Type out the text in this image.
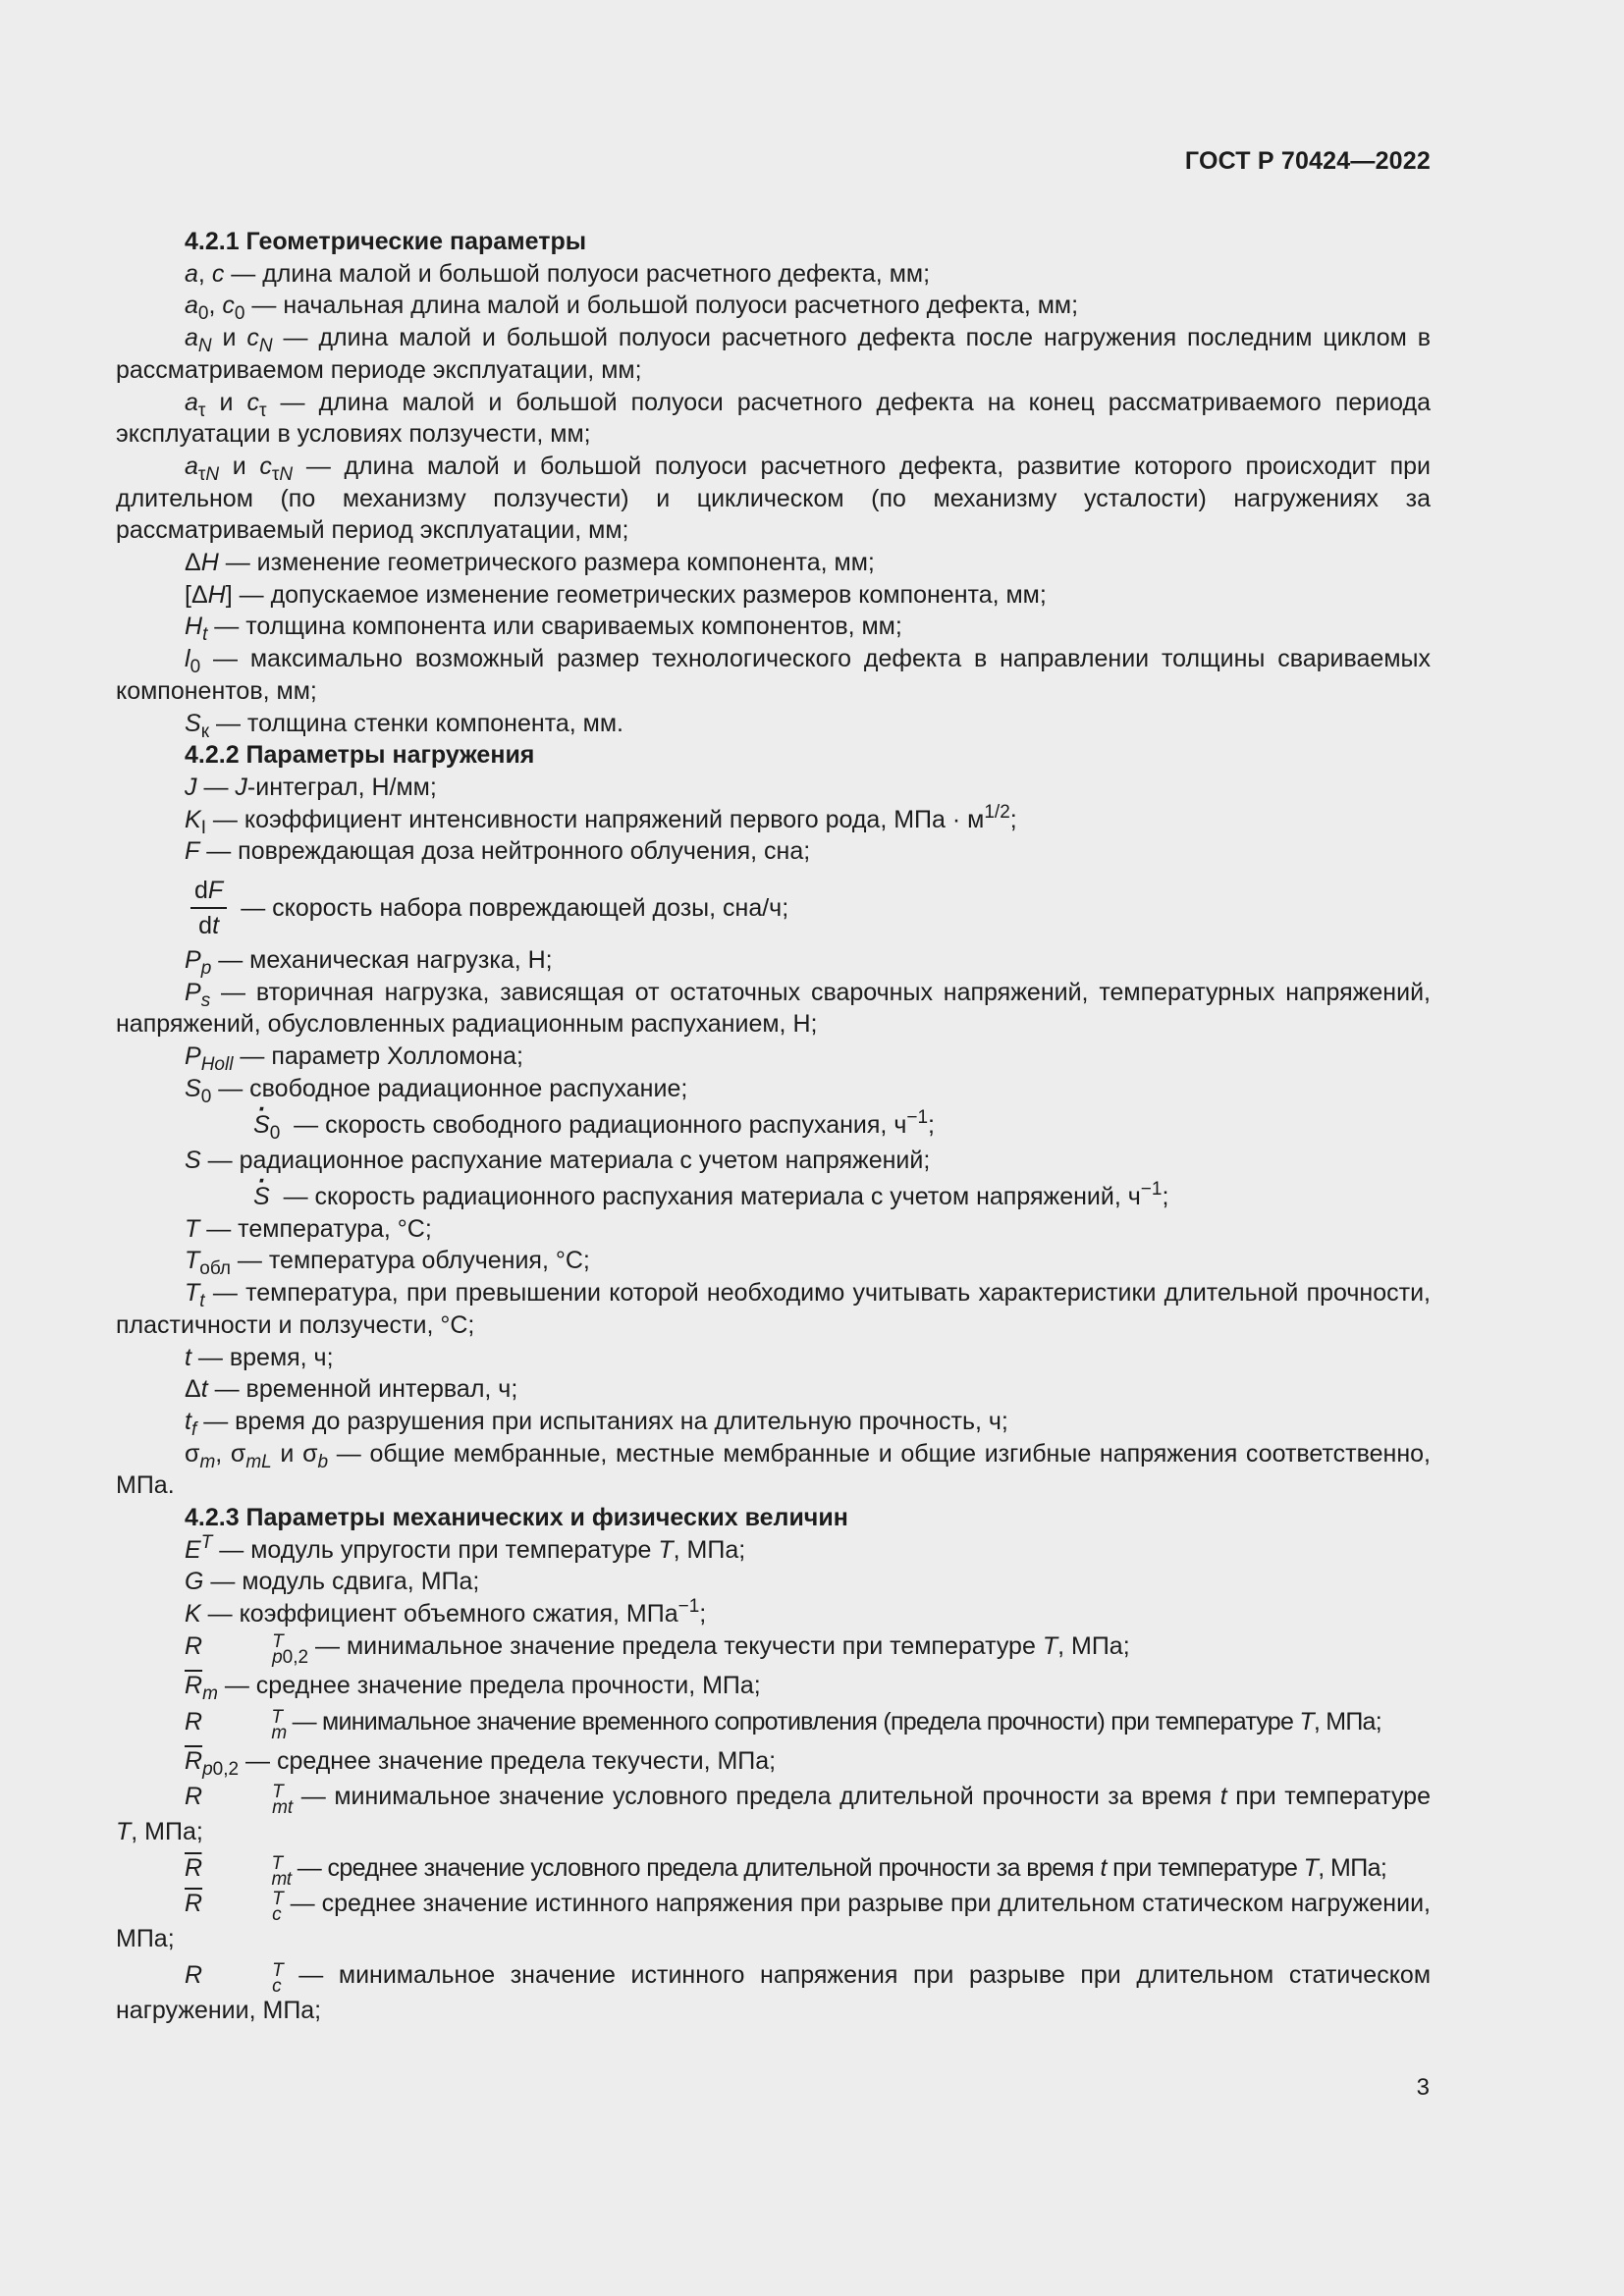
ГОСТ Р 70424—2022

4.2.1 Геометрические параметры

a, c — длина малой и большой полуоси расчетного дефекта, мм;

$a_0$, $c_0$ — начальная длина малой и большой полуоси расчетного дефекта, мм;

$a_N$ и $c_N$ — длина малой и большой полуоси расчетного дефекта после нагружения последним циклом в рассматриваемом периоде эксплуатации, мм;

$a_\tau$ и $c_\tau$ — длина малой и большой полуоси расчетного дефекта на конец рассматриваемого периода эксплуатации в условиях ползучести, мм;

$a_{\tau N}$ и $c_{\tau N}$ — длина малой и большой полуоси расчетного дефекта, развитие которого происходит при длительном (по механизму ползучести) и циклическом (по механизму усталости) нагружениях за рассматриваемый период эксплуатации, мм;

ΔH — изменение геометрического размера компонента, мм;

[ΔH] — допускаемое изменение геометрических размеров компонента, мм;

$H_t$ — толщина компонента или свариваемых компонентов, мм;

$l_0$ — максимально возможный размер технологического дефекта в направлении толщины свариваемых компонентов, мм;

$S_к$ — толщина стенки компонента, мм.

4.2.2 Параметры нагружения

J — J-интеграл, Н/мм;

$K_I$ — коэффициент интенсивности напряжений первого рода, МПа · $м^{1/2}$;

F — повреждающая доза нейтронного облучения, сна;

$\frac{dF}{dt}$ — скорость набора повреждающей дозы, сна/ч;

$P_p$ — механическая нагрузка, Н;

$P_s$ — вторичная нагрузка, зависящая от остаточных сварочных напряжений, температурных напряжений, напряжений, обусловленных радиационным распуханием, Н;

$P_{Holl}$ — параметр Холломона;

$S_0$ — свободное радиационное распухание;

$S \cdot_0$ — скорость свободного радиационного распухания, $ч^{-1}$;

S — радиационное распухание материала с учетом напряжений;

S · — скорость радиационного распухания материала с учетом напряжений, $ч^{-1}$;

T — температура, °С;

$T_{обл}$ — температура облучения, °С;

$T_t$ — температура, при превышении которой необходимо учитывать характеристики длительной прочности, пластичности и ползучести, °С;

t — время, ч;

Δt — временной интервал, ч;

$t_f$ — время до разрушения при испытаниях на длительную прочность, ч;

$\sigma_m$, $\sigma_{mL}$ и $\sigma_b$ — общие мембранные, местные мембранные и общие изгибные напряжения соответственно, МПа.

4.2.3 Параметры механических и физических величин

$E^T$ — модуль упругости при температуре T, МПа;

G — модуль сдвига, МПа;

K — коэффициент объемного сжатия, МПа$^{-1}$;

R	T
p0,2 — минимальное значение предела текучести при температуре T, МПа;

$\overline{R}_m$ — среднее значение предела прочности, МПа;

R	T
m — минимальное значение временного сопротивления (предела прочности) при температуре T, МПа;

$\overline{R}_{p0,2}$ — среднее значение предела текучести, МПа;

R	T
mt — минимальное значение условного предела длительной прочности за время t при температуре T, МПа;

$\overline{R}$	T
mt — среднее значение условного предела длительной прочности за время t при температуре T, МПа;

$\overline{R}$	T
c — среднее значение истинного напряжения при разрыве при длительном статическом нагружении, МПа;

R	T
c — минимальное значение истинного напряжения при разрыве при длительном статическом нагружении, МПа;

3
